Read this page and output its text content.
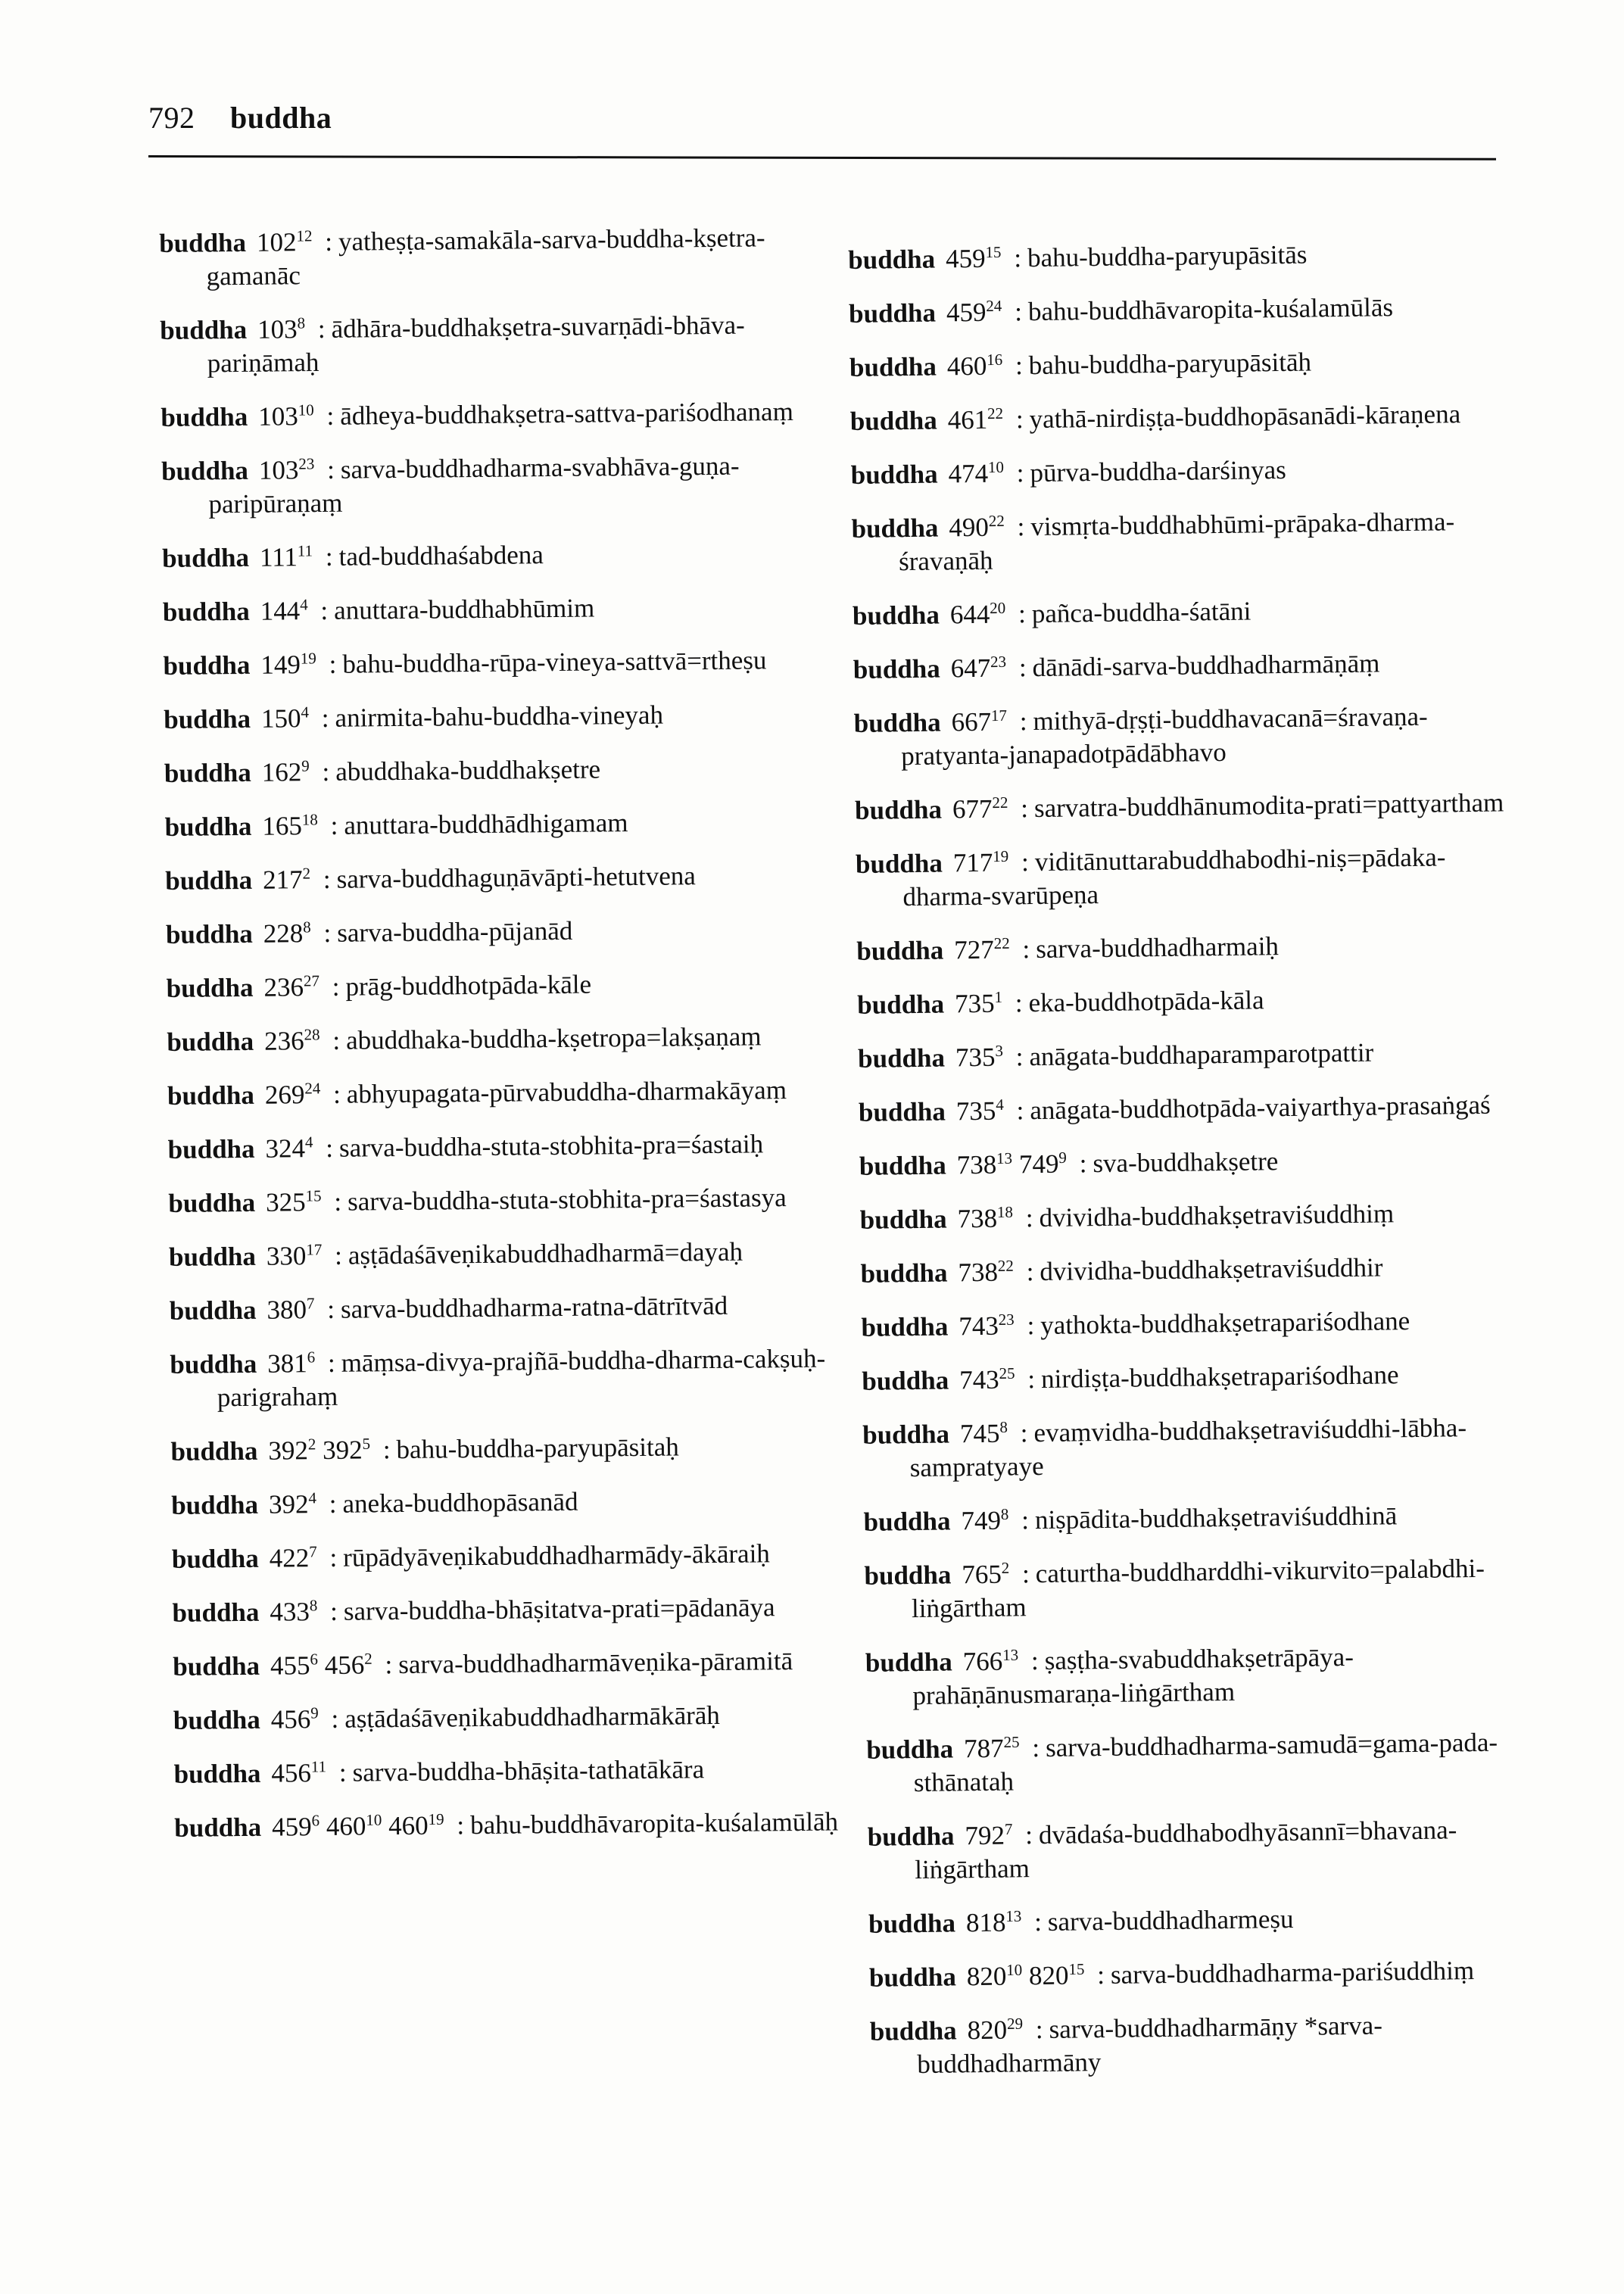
792 buddha
buddha $102^{12}$ : yatheṣṭa-samakāla-sarva-buddha-kṣetra-gamanāc
buddha $103^8$ : ādhāra-buddhakṣetra-suvarṇādi-bhāva-pariṇāmaḥ
buddha $103^{10}$ : ādheya-buddhakṣetra-sattva-pariśodhanaṃ
buddha $103^{23}$ : sarva-buddhadharma-svabhāva-guṇa-paripūraṇaṃ
buddha $111^{11}$ : tad-buddhaśabdena
buddha $144^4$ : anuttara-buddhabhūmim
buddha $149^{19}$ : bahu-buddha-rūpa-vineya-sattvā=rtheṣu
buddha $150^4$ : anirmita-bahu-buddha-vineyaḥ
buddha $162^9$ : abuddhaka-buddhakṣetre
buddha $165^{18}$ : anuttara-buddhādhigamam
buddha $217^2$ : sarva-buddhaguṇāvāpti-hetutvena
buddha $228^8$ : sarva-buddha-pūjanād
buddha $236^{27}$ : prāg-buddhotpāda-kāle
buddha $236^{28}$ : abuddhaka-buddha-kṣetropa=lakṣaṇaṃ
buddha $269^{24}$ : abhyupagata-pūrvabuddha-dharmakāyaṃ
buddha $324^4$ : sarva-buddha-stuta-stobhita-pra=śastaiḥ
buddha $325^{15}$ : sarva-buddha-stuta-stobhita-pra=śastasya
buddha $330^{17}$ : aṣṭādaśāveṇikabuddhadharmā=dayaḥ
buddha $380^7$ : sarva-buddhadharma-ratna-dātrītvād
buddha $381^6$ : māṃsa-divya-prajñā-buddha-dharma-cakṣuḥ-parigrahaṃ
buddha $392^2$ $392^5$ : bahu-buddha-paryupāsitaḥ
buddha $392^4$ : aneka-buddhopāsanād
buddha $422^7$ : rūpādyāveṇikabuddhadharmādy-ākāraiḥ
buddha $433^8$ : sarva-buddha-bhāṣitatva-prati=pādanāya
buddha $455^6$ $456^2$ : sarva-buddhadharmāveṇika-pāramitā
buddha $456^9$ : aṣṭādaśāveṇikabuddhadharmākārāḥ
buddha $456^{11}$ : sarva-buddha-bhāṣita-tathatākāra
buddha $459^6$ $460^{10}$ $460^{19}$ : bahu-buddhāvaropita-kuśalamūlāḥ
buddha $459^{15}$ : bahu-buddha-paryupāsitās
buddha $459^{24}$ : bahu-buddhāvaropita-kuśalamūlās
buddha $460^{16}$ : bahu-buddha-paryupāsitāḥ
buddha $461^{22}$ : yathā-nirdiṣṭa-buddhopāsanādi-kāraṇena
buddha $474^{10}$ : pūrva-buddha-darśinyas
buddha $490^{22}$ : vismṛta-buddhabhūmi-prāpaka-dharma-śravaṇāḥ
buddha $644^{20}$ : pañca-buddha-śatāni
buddha $647^{23}$ : dānādi-sarva-buddhadharmāṇāṃ
buddha $667^{17}$ : mithyā-dṛṣṭi-buddhavacanā=śravaṇa-pratyanta-janapadotpādābhavo
buddha $677^{22}$ : sarvatra-buddhānumodita-prati=pattyartham
buddha $717^{19}$ : viditānuttarabuddhabodhi-niṣ=pādaka-dharma-svarūpeṇa
buddha $727^{22}$ : sarva-buddhadharmaiḥ
buddha $735^1$ : eka-buddhotpāda-kāla
buddha $735^3$ : anāgata-buddhaparamparotpattir
buddha $735^4$ : anāgata-buddhotpāda-vaiyarthya-prasaṅgaś
buddha $738^{13}$ $749^9$ : sva-buddhakṣetre
buddha $738^{18}$ : dvividha-buddhakṣetraviśuddhiṃ
buddha $738^{22}$ : dvividha-buddhakṣetraviśuddhir
buddha $743^{23}$ : yathokta-buddhakṣetrapariśodhane
buddha $743^{25}$ : nirdiṣṭa-buddhakṣetrapariśodhane
buddha $745^8$ : evaṃvidha-buddhakṣetraviśuddhi-lābha-sampratyaye
buddha $749^8$ : niṣpādita-buddhakṣetraviśuddhinā
buddha $765^2$ : caturtha-buddharddhi-vikurvito=palabdhi-liṅgārtham
buddha $766^{13}$ : ṣaṣṭha-svabuddhakṣetrāpāya-prahāṇānusmaraṇa-liṅgārtham
buddha $787^{25}$ : sarva-buddhadharma-samudā=gama-pada-sthānataḥ
buddha $792^7$ : dvādaśa-buddhabodhyāsannī=bhavana-liṅgārtham
buddha $818^{13}$ : sarva-buddhadharmeṣu
buddha $820^{10}$ $820^{15}$ : sarva-buddhadharma-pariśuddhiṃ
buddha $820^{29}$ : sarva-buddhadharmāṇy *sarva-buddhadharmāny
